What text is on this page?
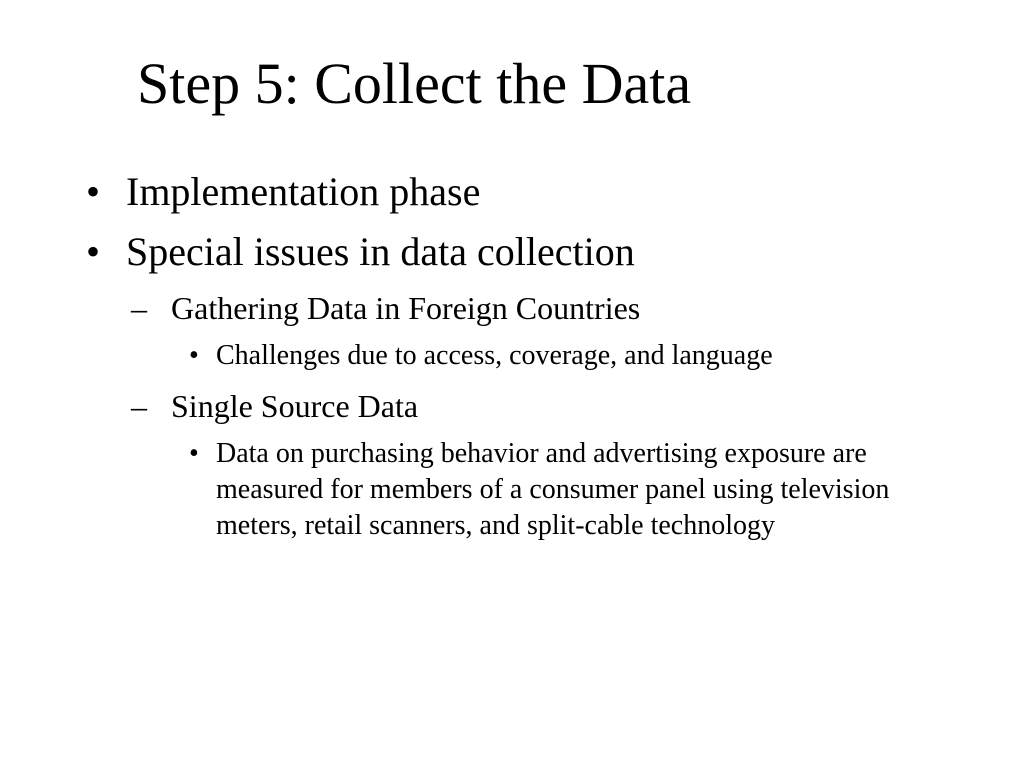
Step 5: Collect the Data
• Implementation phase
• Special issues in data collection
– Gathering Data in Foreign Countries
• Challenges due to access, coverage, and language
– Single Source Data
• Data on purchasing behavior and advertising exposure are measured for members of a consumer panel using television meters, retail scanners, and split-cable technology
